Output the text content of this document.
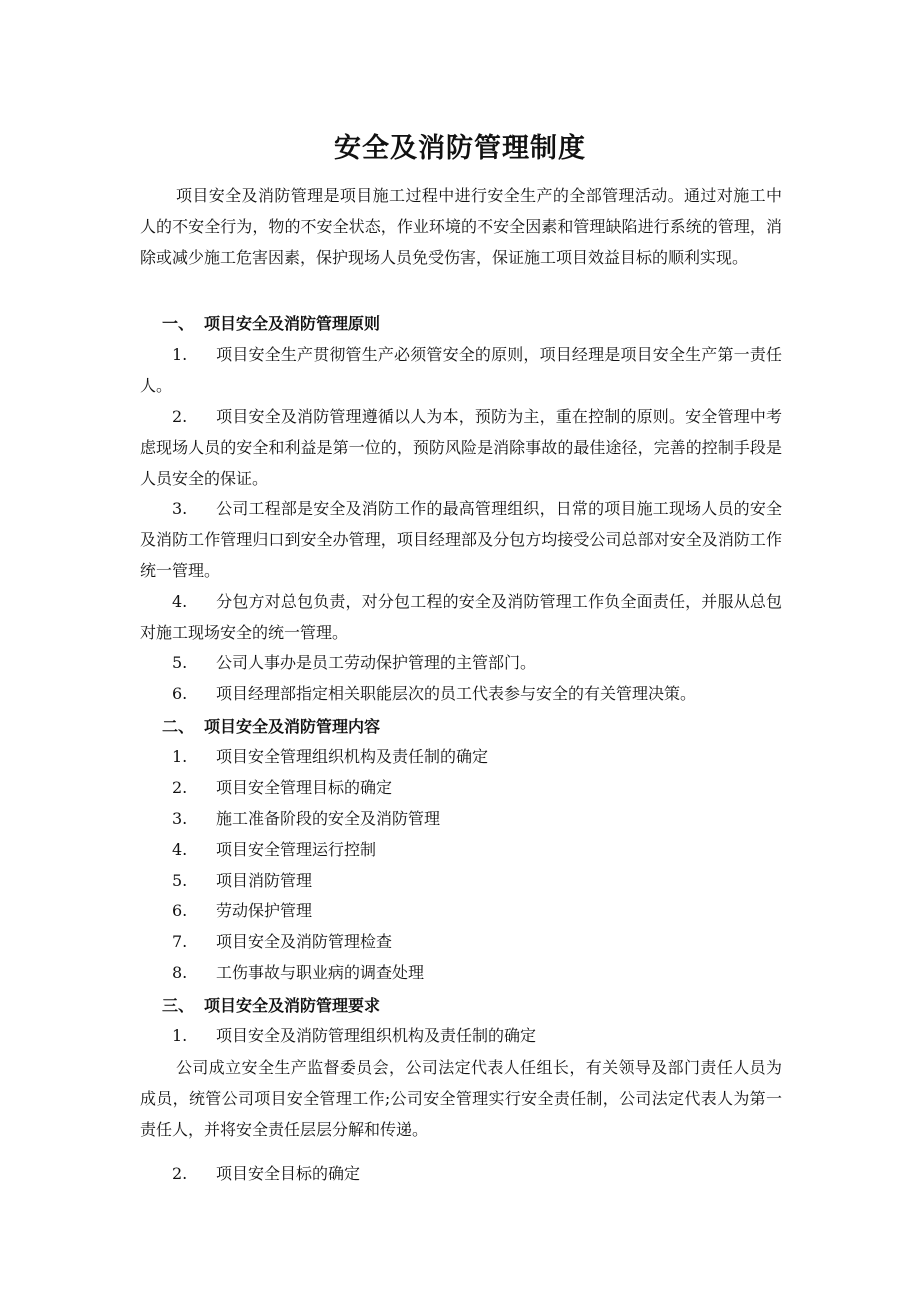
安全及消防管理制度
项目安全及消防管理是项目施工过程中进行安全生产的全部管理活动。通过对施工中人的不安全行为，物的不安全状态，作业环境的不安全因素和管理缺陷进行系统的管理，消除或减少施工危害因素，保护现场人员免受伤害，保证施工项目效益目标的顺利实现。
一、 项目安全及消防管理原则
1. 项目安全生产贯彻管生产必须管安全的原则，项目经理是项目安全生产第一责任人。
2. 项目安全及消防管理遵循以人为本，预防为主，重在控制的原则。安全管理中考虑现场人员的安全和利益是第一位的，预防风险是消除事故的最佳途径，完善的控制手段是人员安全的保证。
3. 公司工程部是安全及消防工作的最高管理组织，日常的项目施工现场人员的安全及消防工作管理归口到安全办管理，项目经理部及分包方均接受公司总部对安全及消防工作统一管理。
4. 分包方对总包负责，对分包工程的安全及消防管理工作负全面责任，并服从总包对施工现场安全的统一管理。
5. 公司人事办是员工劳动保护管理的主管部门。
6. 项目经理部指定相关职能层次的员工代表参与安全的有关管理决策。
二、 项目安全及消防管理内容
1. 项目安全管理组织机构及责任制的确定
2. 项目安全管理目标的确定
3. 施工准备阶段的安全及消防管理
4. 项目安全管理运行控制
5. 项目消防管理
6. 劳动保护管理
7. 项目安全及消防管理检查
8. 工伤事故与职业病的调查处理
三、 项目安全及消防管理要求
1. 项目安全及消防管理组织机构及责任制的确定
公司成立安全生产监督委员会，公司法定代表人任组长，有关领导及部门责任人员为成员，统管公司项目安全管理工作;公司安全管理实行安全责任制，公司法定代表人为第一责任人，并将安全责任层层分解和传递。
2. 项目安全目标的确定
